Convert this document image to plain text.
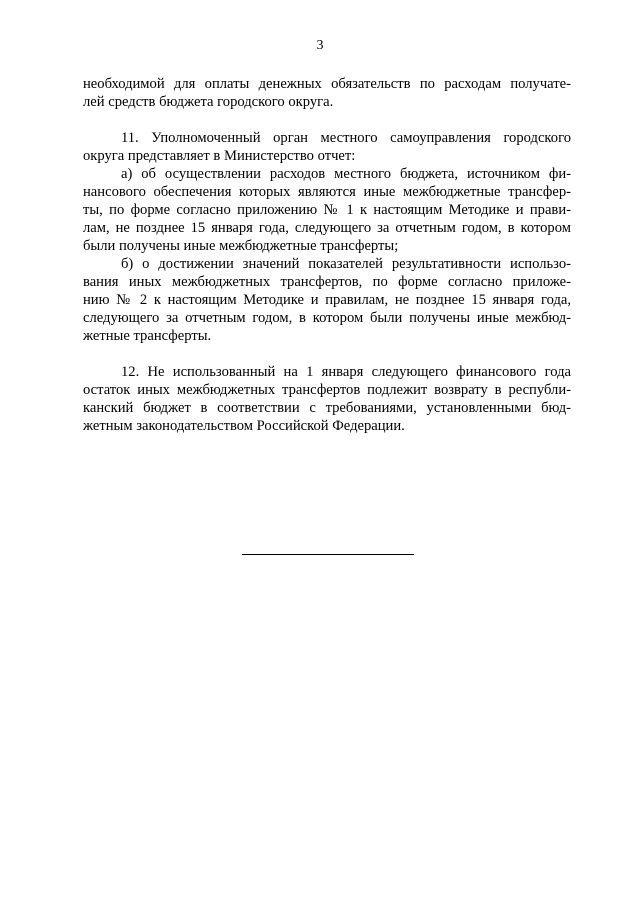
3
необходимой для оплаты денежных обязательств по расходам получате-
лей средств бюджета городского округа.
11. Уполномоченный орган местного самоуправления городского
округа представляет в Министерство отчет:
а) об осуществлении расходов местного бюджета, источником фи-
нансового обеспечения которых являются иные межбюджетные трансфер-
ты, по форме согласно приложению № 1 к настоящим Методике и прави-
лам, не позднее 15 января года, следующего за отчетным годом, в котором
были получены иные межбюджетные трансферты;
б) о достижении значений показателей результативности использо-
вания иных межбюджетных трансфертов, по форме согласно приложе-
нию № 2 к настоящим Методике и правилам, не позднее 15 января года,
следующего за отчетным годом, в котором были получены иные межбюд-
жетные трансферты.
12. Не использованный на 1 января следующего финансового года
остаток иных межбюджетных трансфертов подлежит возврату в республи-
канский бюджет в соответствии с требованиями, установленными бюд-
жетным законодательством Российской Федерации.
